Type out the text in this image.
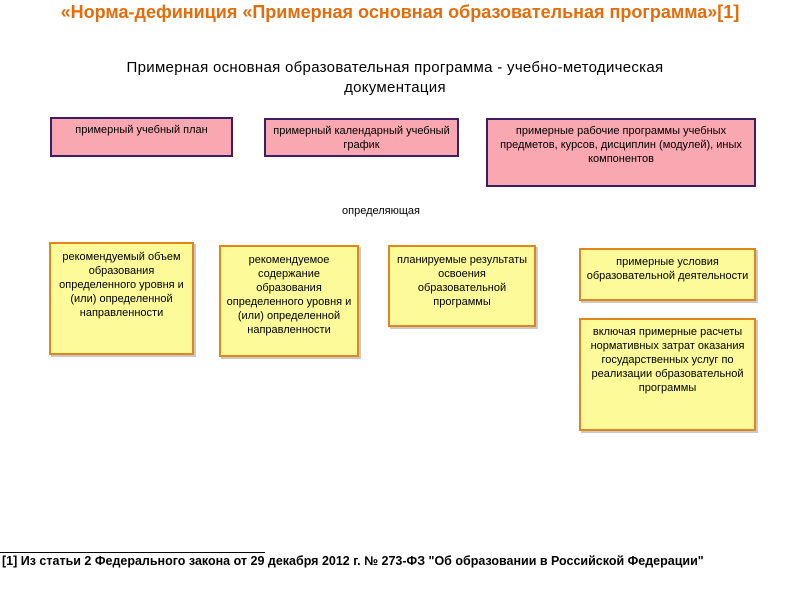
«Норма-дефиниция «Примерная основная образовательная программа»[1]
Примерная основная образовательная программа - учебно-методическая документация
примерный учебный план	примерный календарный учебный график
примерные рабочие программы учебных предметов, курсов, дисциплин (модулей), иных компонентов
определяющая
рекомендуемый объем образования определенного уровня и (или) определенной направленности
рекомендуемое содержание образования определенного уровня и (или) определенной направленности
планируемые результаты освоения образовательной программы
примерные условия образовательной деятельности
включая примерные расчеты нормативных затрат оказания государственных услуг по реализации образовательной программы
[1] Из статьи 2 Федерального закона от 29 декабря 2012 г. № 273-ФЗ "Об образовании в Российской Федерации"
